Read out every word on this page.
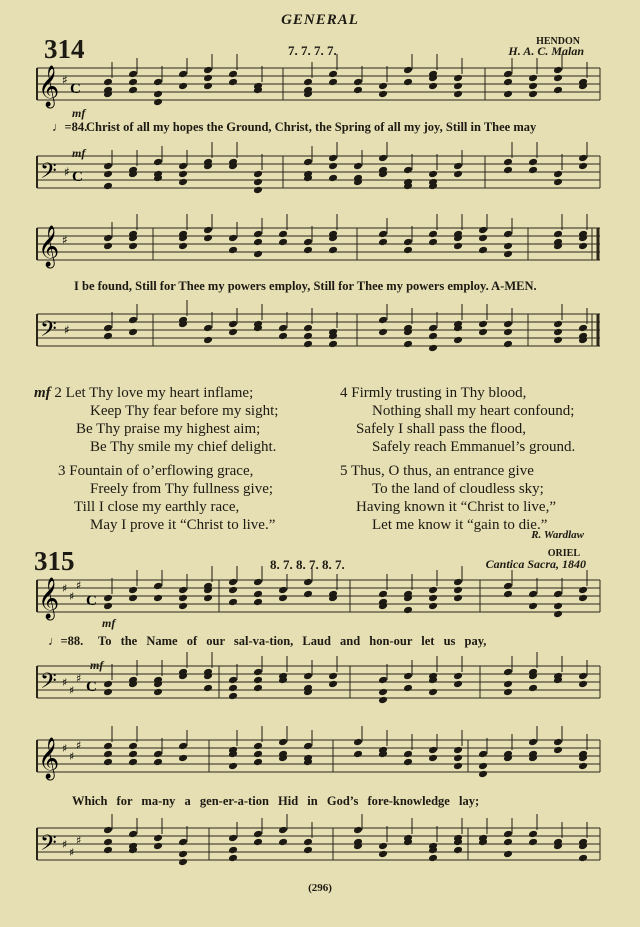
GENERAL
314	7. 7. 7. 7.
HENDON
H. A. C. Malan
𝄞 ♯
C
mf
♩=84.
Christ of all my hopes the Ground, Christ, the Spring of all my joy, Still in Thee may
mf
𝄢 ♯ C
𝄞 ♯
I be found, Still for Thee my powers employ, Still for Thee my powers employ. A-MEN.
𝄢 ♯
mf 2 Let Thy love my heart inflame;
Keep Thy fear before my sight;
Be Thy praise my highest aim;
Be Thy smile my chief delight.
3 Fountain of o’erflowing grace,
Freely from Thy fullness give;
Till I close my earthly race,
May I prove it “Christ to live.”
4 Firmly trusting in Thy blood,
Nothing shall my heart confound;
Safely I shall pass the flood,
Safely reach Emmanuel’s ground.
5 Thus, O thus, an entrance give
To the land of cloudless sky;
Having known it “Christ to live,”
Let me know it “gain to die.”
R. Wardlaw
315	8. 7. 8. 7. 8. 7.
ORIEL
Cantica Sacra, 1840
𝄞 ♯
♯
♯
C
mf
♩=88. To the Name of our sal-va-tion, Laud and hon-our let us pay,
mf
𝄢 ♯
♯
♯
C
𝄞 ♯
♯
♯
Which for ma-ny a gen-er-a-tion Hid in God’s fore-knowledge lay;
𝄢 ♯
♯
♯
(296)
